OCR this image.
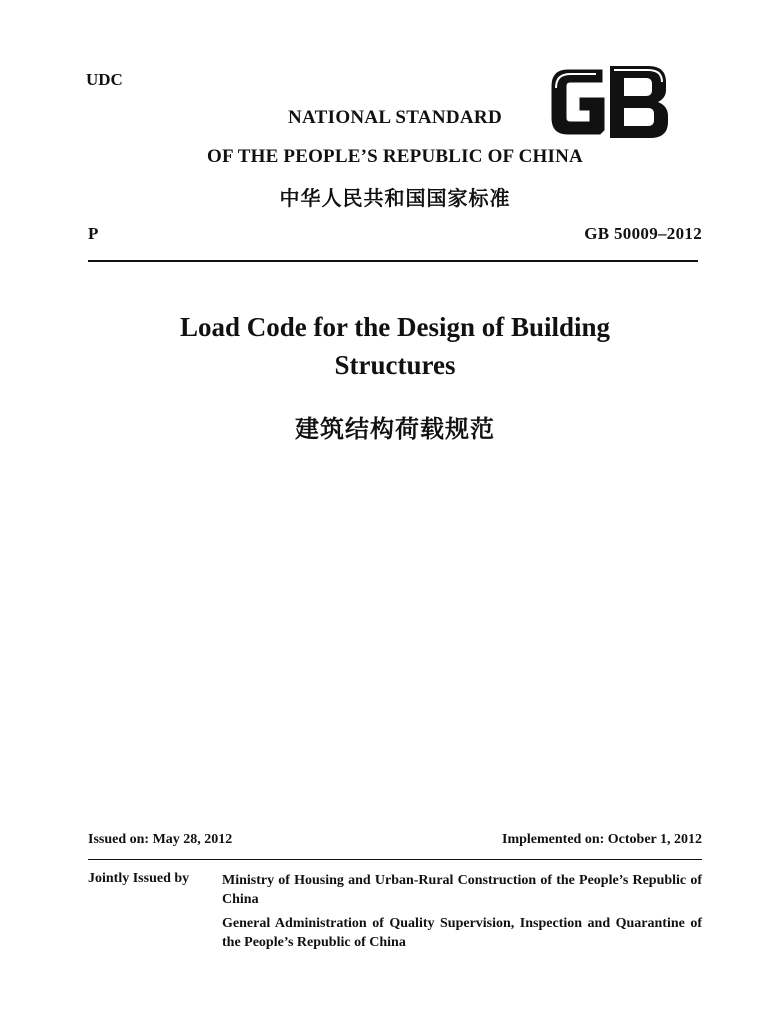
UDC
NATIONAL STANDARD
OF THE PEOPLE’S REPUBLIC OF CHINA
中华人民共和国国家标准
P	GB 50009–2012
Load Code for the Design of Building
Structures
建筑结构荷载规范
Issued on: May 28, 2012	Implemented on: October 1, 2012
Jointly Issued by Ministry of Housing and Urban-Rural Construction of the People’s Republic of China
General Administration of Quality Supervision, Inspection and Quarantine of the People’s Republic of China
